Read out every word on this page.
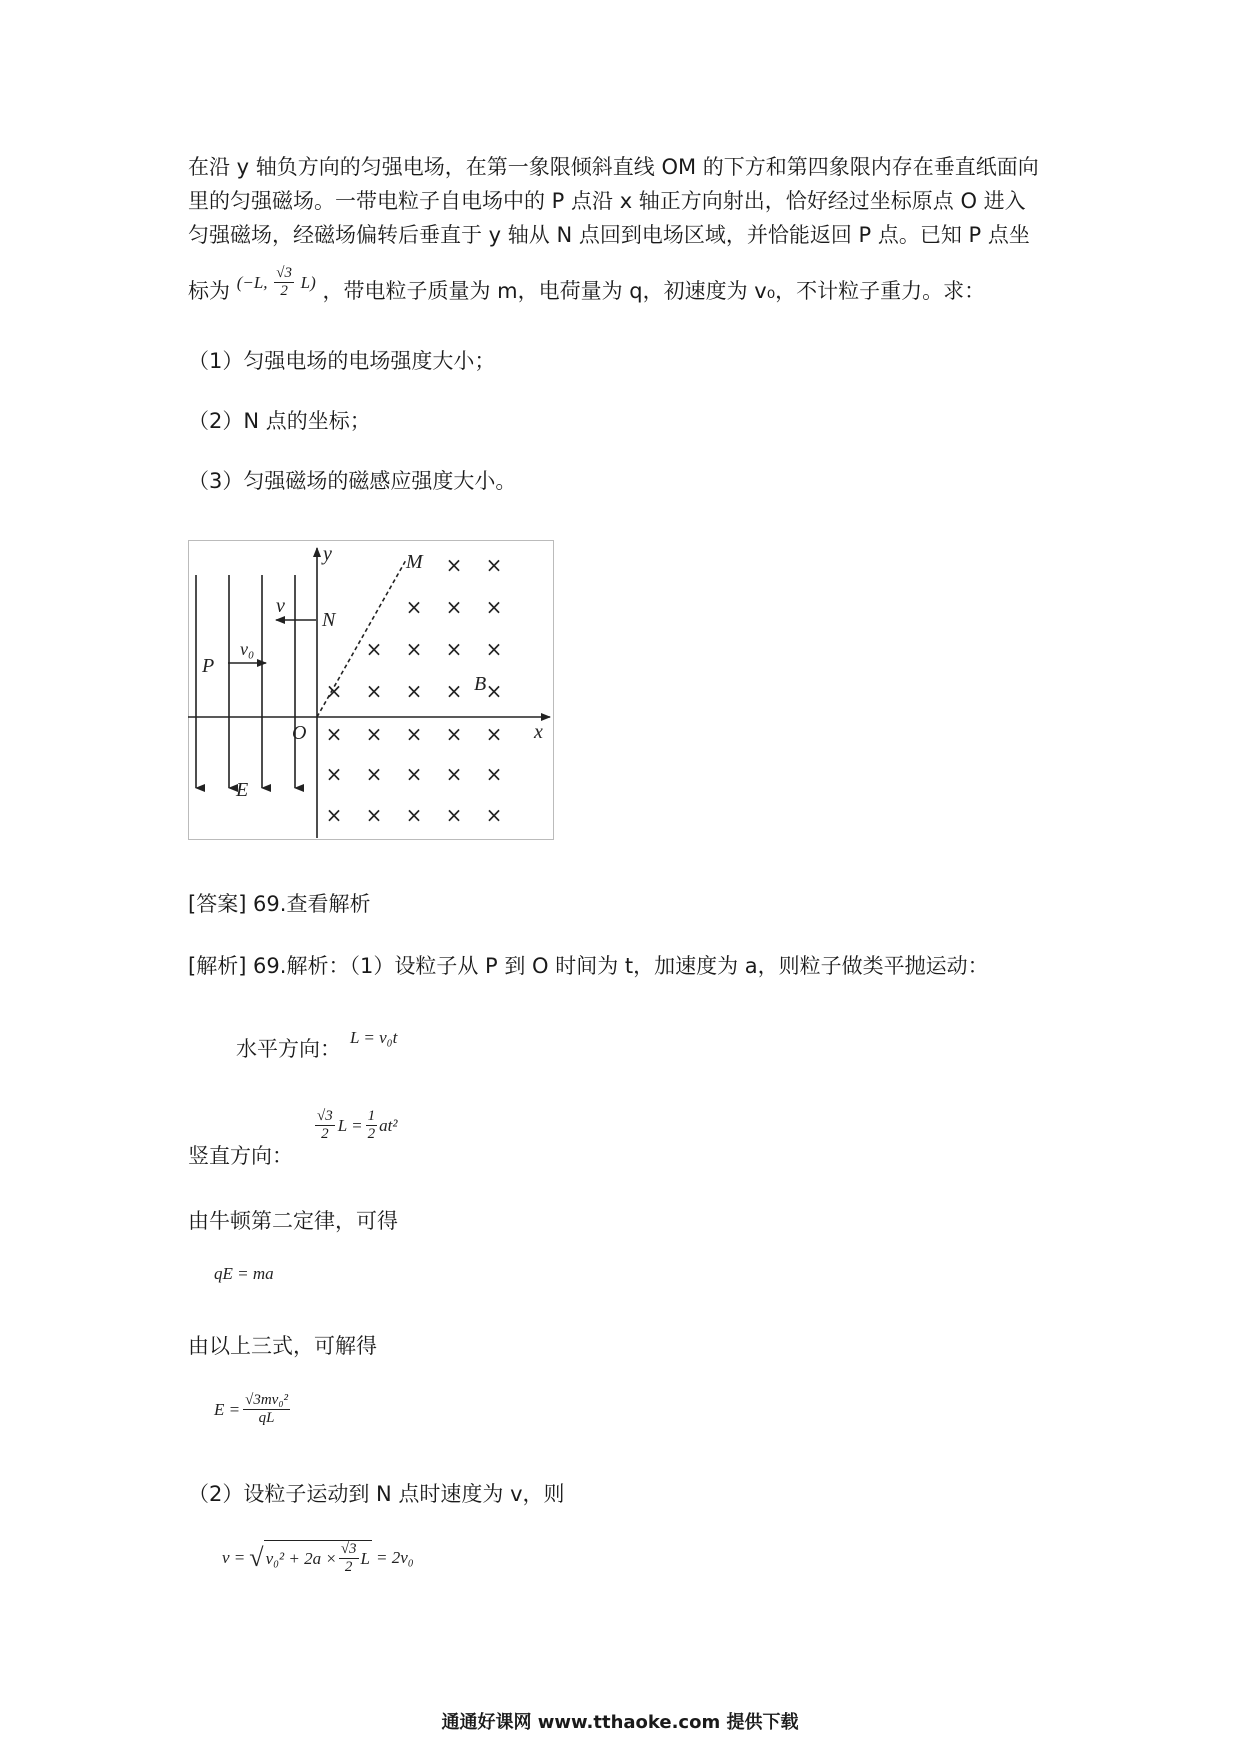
在沿 y 轴负方向的匀强电场，在第一象限倾斜直线 OM 的下方和第四象限内存在垂直纸面向
里的匀强磁场。一带电粒子自电场中的 P 点沿 x 轴正方向射出，恰好经过坐标原点 O 进入
匀强磁场，经磁场偏转后垂直于 y 轴从 N 点回到电场区域，并恰能返回 P 点。已知 P 点坐
标为 (−L, $\frac{√3}{2} L$) ，带电粒子质量为 m，电荷量为 q，初速度为 v₀，不计粒子重力。求：
（1）匀强电场的电场强度大小；
（2）N 点的坐标；
（3）匀强磁场的磁感应强度大小。
y
x
M
N
P
O
E
B
v
v₀
× ×
× × ×
× × × ×
× × × × ×
× × × × ×
× × × × ×
× × × × ×
[答案] 69.查看解析
[解析] 69.解析：（1）设粒子从 P 到 O 时间为 t，加速度为 a，则粒子做类平抛运动：
水平方向： L = v₀t
竖直方向：
$\frac{√3}{2}$ $L = \frac{1}{2} at^2$
由牛顿第二定律，可得
qE = ma
由以上三式，可解得
$E = \frac{\text{√3mv₀²}}{qL}$
（2）设粒子运动到 N 点时速度为 v，则
v = √ $v_0^2 + 2a \times \frac{√3}{2}$ L = 2v₀
通通好课网 www.tthaoke.com 提供下载
